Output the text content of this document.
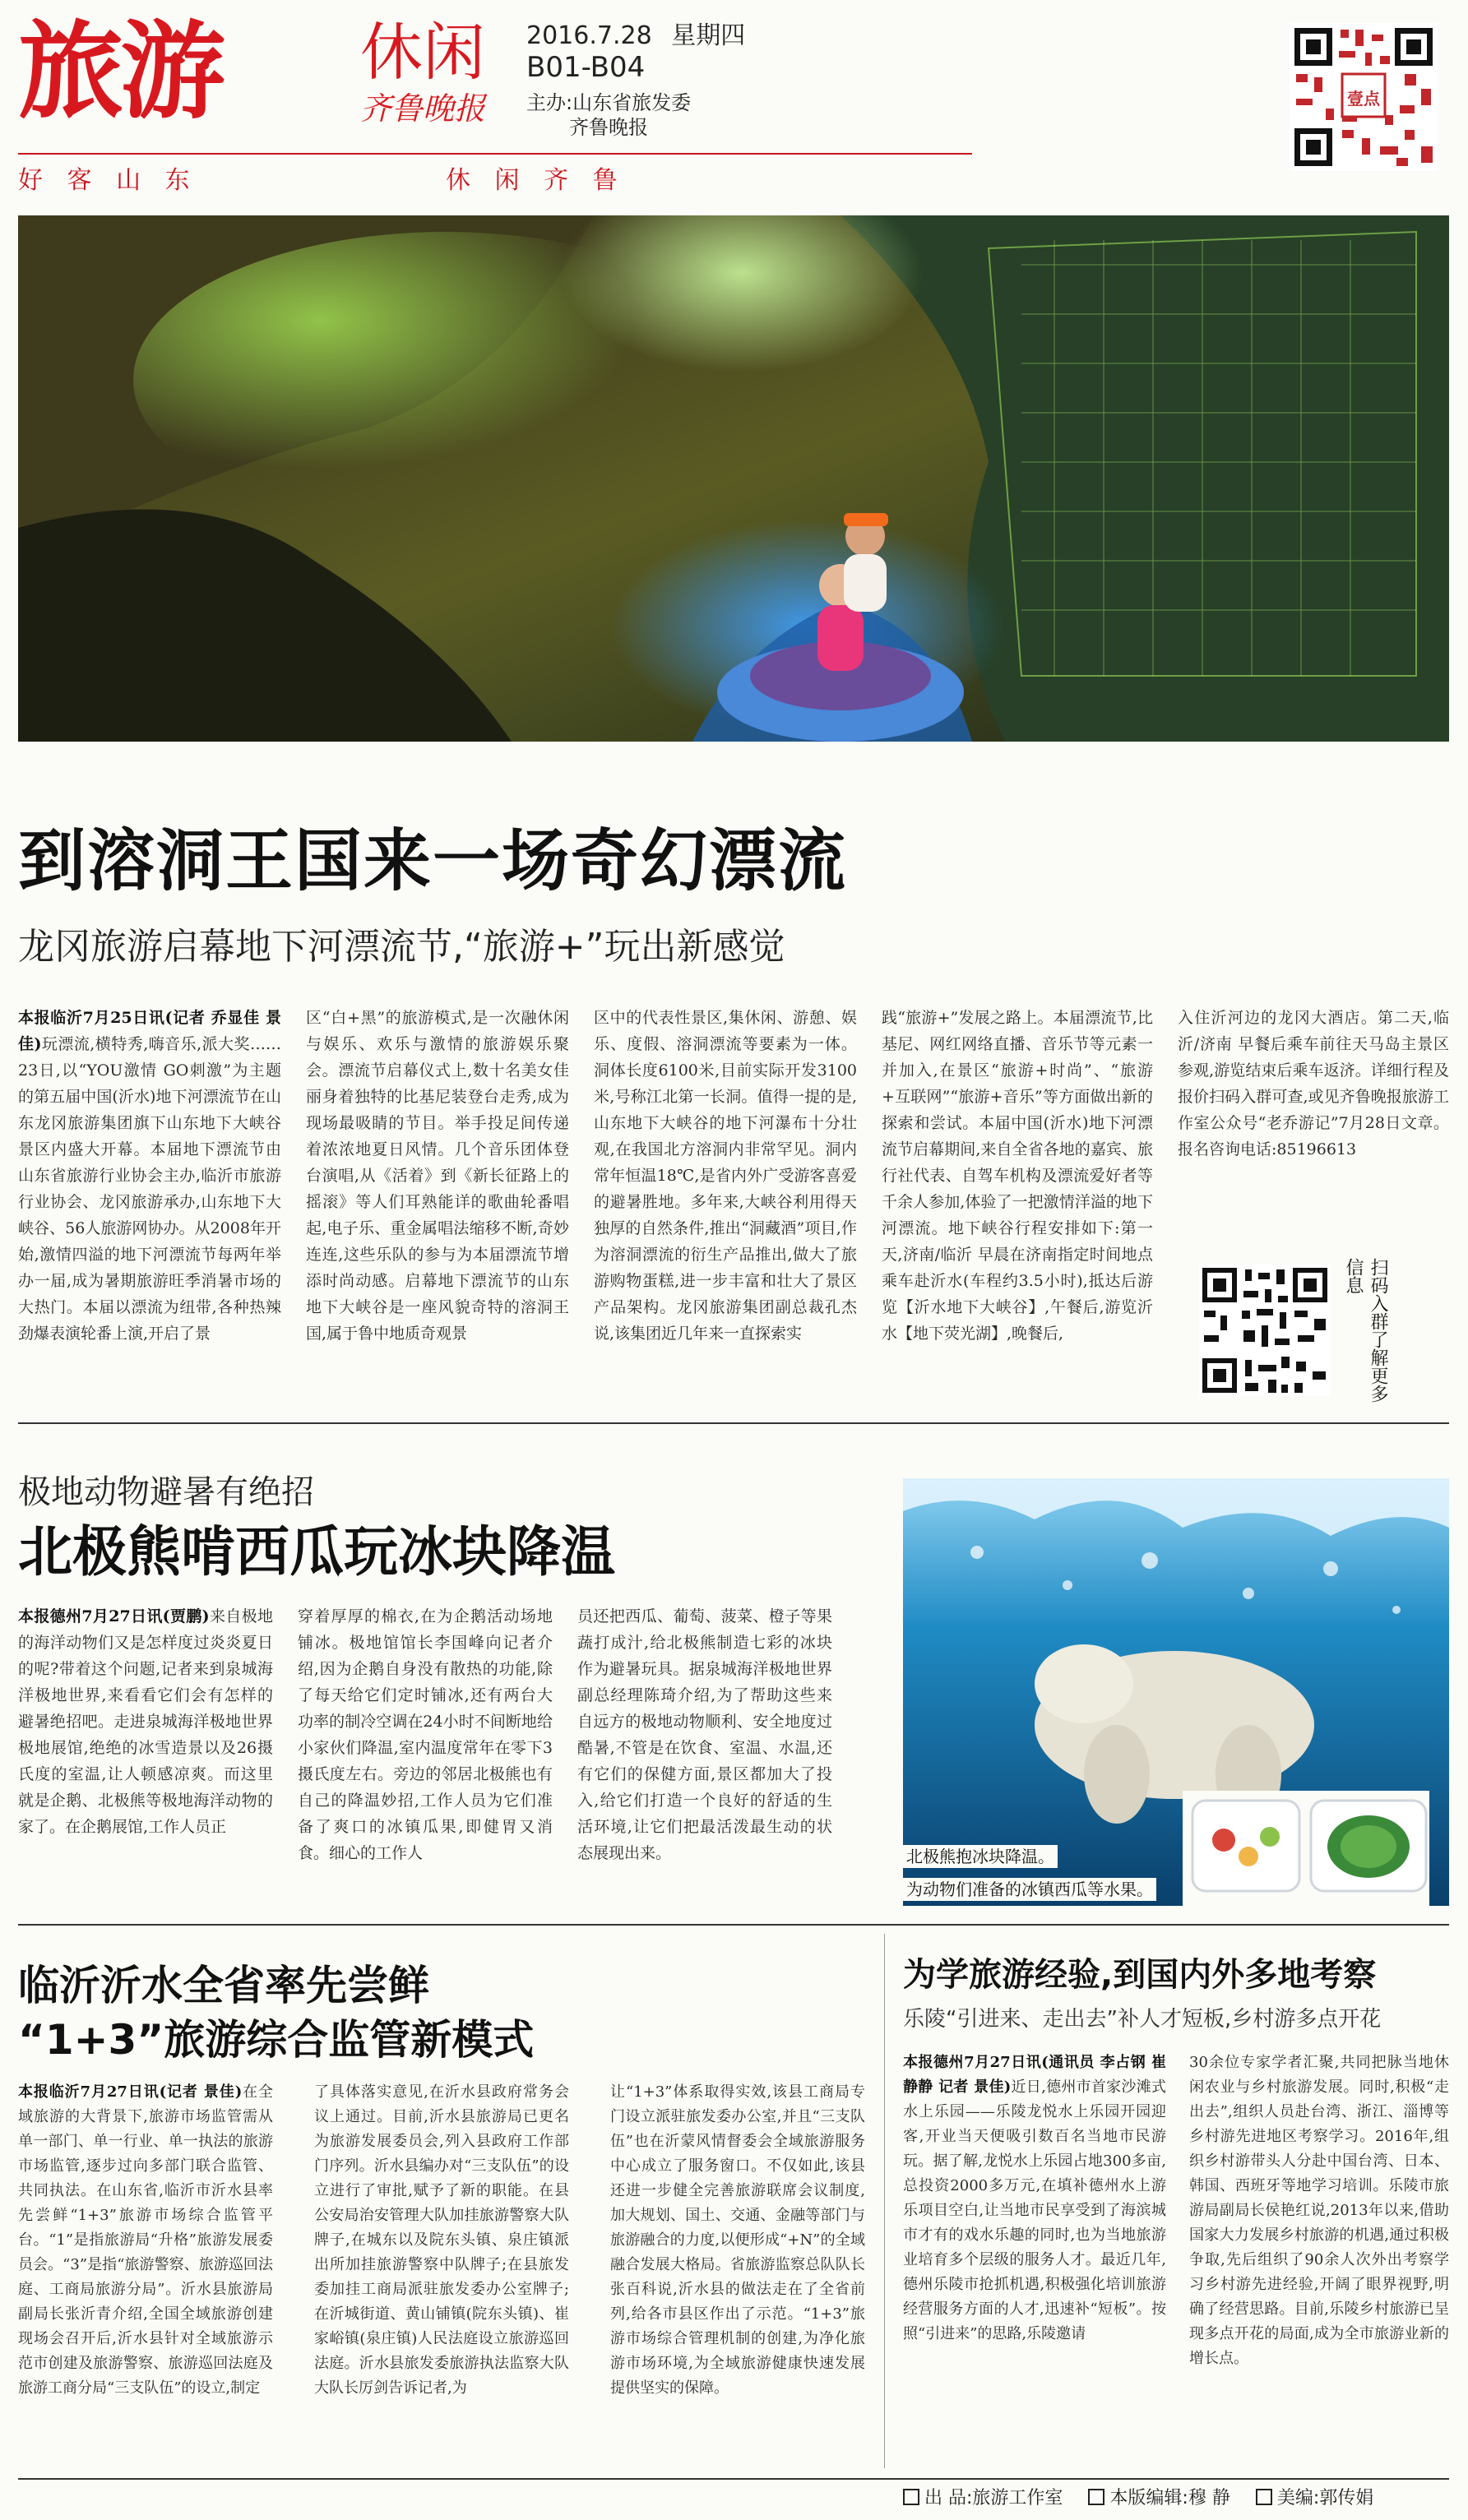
旅游 休闲
齐鲁晚报
2016.7.28 星期四
B01-B04
主办:山东省旅发委
齐鲁晚报
好 客 山 东	休 闲 齐 鲁
壹点
到溶洞王国来一场奇幻漂流
龙冈旅游启幕地下河漂流节,“旅游+”玩出新感觉

本报临沂7月25日讯(记者 乔显佳 景佳)玩漂流,横特秀,嗨音乐,派大奖……23日,以“YOU激情 GO刺激”为主题的第五届中国(沂水)地下河漂流节在山东龙冈旅游集团旗下山东地下大峡谷景区内盛大开幕。本届地下漂流节由山东省旅游行业协会主办,临沂市旅游行业协会、龙冈旅游承办,山东地下大峡谷、56人旅游网协办。从2008年开始,激情四溢的地下河漂流节每两年举办一届,成为暑期旅游旺季消暑市场的大热门。本届以漂流为纽带,各种热辣劲爆表演轮番上演,开启了景

区“白+黑”的旅游模式,是一次融休闲与娱乐、欢乐与激情的旅游娱乐聚会。漂流节启幕仪式上,数十名美女佳丽身着独特的比基尼装登台走秀,成为现场最吸睛的节目。举手投足间传递着浓浓地夏日风情。几个音乐团体登台演唱,从《活着》到《新长征路上的摇滚》等人们耳熟能详的歌曲轮番唱起,电子乐、重金属唱法缩移不断,奇妙连连,这些乐队的参与为本届漂流节增添时尚动感。启幕地下漂流节的山东地下大峡谷是一座风貌奇特的溶洞王国,属于鲁中地质奇观景

区中的代表性景区,集休闲、游憩、娱乐、度假、溶洞漂流等要素为一体。洞体长度6100米,目前实际开发3100米,号称江北第一长洞。值得一提的是,山东地下大峡谷的地下河瀑布十分壮观,在我国北方溶洞内非常罕见。洞内常年恒温18℃,是省内外广受游客喜爱的避暑胜地。多年来,大峡谷利用得天独厚的自然条件,推出“洞藏酒”项目,作为溶洞漂流的衍生产品推出,做大了旅游购物蛋糕,进一步丰富和壮大了景区产品架构。龙冈旅游集团副总裁孔杰说,该集团近几年来一直探索实

践“旅游+”发展之路上。本届漂流节,比基尼、网红网络直播、音乐节等元素一并加入,在景区“旅游+时尚”、“旅游+互联网”“旅游+音乐”等方面做出新的探索和尝试。本届中国(沂水)地下河漂流节启幕期间,来自全省各地的嘉宾、旅行社代表、自驾车机构及漂流爱好者等千余人参加,体验了一把激情洋溢的地下河漂流。地下峡谷行程安排如下:第一天,济南/临沂 早晨在济南指定时间地点乘车赴沂水(车程约3.5小时),抵达后游览【沂水地下大峡谷】,午餐后,游览沂水【地下荧光湖】,晚餐后,

入住沂河边的龙冈大酒店。第二天,临沂/济南 早餐后乘车前往天马岛主景区参观,游览结束后乘车返济。详细行程及报价扫码入群可查,或见齐鲁晚报旅游工作室公众号“老乔游记”7月28日文章。报名咨询电话:85196613

扫码入群了解更多信息
极地动物避暑有绝招
北极熊啃西瓜玩冰块降温

本报德州7月27日讯(贾鹏)来自极地的海洋动物们又是怎样度过炎炎夏日的呢?带着这个问题,记者来到泉城海洋极地世界,来看看它们会有怎样的避暑绝招吧。走进泉城海洋极地世界极地展馆,绝绝的冰雪造景以及26摄氏度的室温,让人顿感凉爽。而这里就是企鹅、北极熊等极地海洋动物的家了。在企鹅展馆,工作人员正

穿着厚厚的棉衣,在为企鹅活动场地铺冰。极地馆馆长李国峰向记者介绍,因为企鹅自身没有散热的功能,除了每天给它们定时铺冰,还有两台大功率的制冷空调在24小时不间断地给小家伙们降温,室内温度常年在零下3摄氏度左右。旁边的邻居北极熊也有自己的降温妙招,工作人员为它们准备了爽口的冰镇瓜果,即健胃又消食。细心的工作人

员还把西瓜、葡萄、菠菜、橙子等果蔬打成汁,给北极熊制造七彩的冰块作为避暑玩具。据泉城海洋极地世界副总经理陈琦介绍,为了帮助这些来自远方的极地动物顺利、安全地度过酷暑,不管是在饮食、室温、水温,还有它们的保健方面,景区都加大了投入,给它们打造一个良好的舒适的生活环境,让它们把最活泼最生动的状态展现出来。	北极熊抱冰块降温。
为动物们准备的冰镇西瓜等水果。
临沂沂水全省率先尝鲜
“1+3”旅游综合监管新模式

本报临沂7月27日讯(记者 景佳)在全域旅游的大背景下,旅游市场监管需从单一部门、单一行业、单一执法的旅游市场监管,逐步过向多部门联合监管、共同执法。在山东省,临沂市沂水县率先尝鲜“1+3”旅游市场综合监管平台。“1”是指旅游局“升格”旅游发展委员会。“3”是指“旅游警察、旅游巡回法庭、工商局旅游分局”。沂水县旅游局副局长张沂青介绍,全国全域旅游创建现场会召开后,沂水县针对全域旅游示范市创建及旅游警察、旅游巡回法庭及旅游工商分局“三支队伍”的设立,制定

了具体落实意见,在沂水县政府常务会议上通过。目前,沂水县旅游局已更名为旅游发展委员会,列入县政府工作部门序列。沂水县编办对“三支队伍”的设立进行了审批,赋予了新的职能。在县公安局治安管理大队加挂旅游警察大队牌子,在城东以及院东头镇、泉庄镇派出所加挂旅游警察中队牌子;在县旅发委加挂工商局派驻旅发委办公室牌子;在沂城街道、黄山铺镇(院东头镇)、崔家峪镇(泉庄镇)人民法庭设立旅游巡回法庭。沂水县旅发委旅游执法监察大队大队长厉剑告诉记者,为

让“1+3”体系取得实效,该县工商局专门设立派驻旅发委办公室,并且“三支队伍”也在沂蒙风情督委会全域旅游服务中心成立了服务窗口。不仅如此,该县还进一步健全完善旅游联席会议制度,加大规划、国土、交通、金融等部门与旅游融合的力度,以便形成“+N”的全域融合发展大格局。省旅游监察总队队长张百科说,沂水县的做法走在了全省前列,给各市县区作出了示范。“1+3”旅游市场综合管理机制的创建,为净化旅游市场环境,为全域旅游健康快速发展提供坚实的保障。

为学旅游经验,到国内外多地考察
乐陵“引进来、走出去”补人才短板,乡村游多点开花

本报德州7月27日讯(通讯员 李占钢 崔静静 记者 景佳)近日,德州市首家沙滩式水上乐园——乐陵龙悦水上乐园开园迎客,开业当天便吸引数百名当地市民游玩。据了解,龙悦水上乐园占地300多亩,总投资2000多万元,在填补德州水上游乐项目空白,让当地市民享受到了海滨城市才有的戏水乐趣的同时,也为当地旅游业培育多个层级的服务人才。最近几年,德州乐陵市抢抓机遇,积极强化培训旅游经营服务方面的人才,迅速补“短板”。按照“引进来”的思路,乐陵邀请

30余位专家学者汇聚,共同把脉当地休闲农业与乡村旅游发展。同时,积极“走出去”,组织人员赴台湾、浙江、淄博等乡村游先进地区考察学习。2016年,组织乡村游带头人分赴中国台湾、日本、韩国、西班牙等地学习培训。乐陵市旅游局副局长侯艳红说,2013年以来,借助国家大力发展乡村旅游的机遇,通过积极争取,先后组织了90余人次外出考察学习乡村游先进经验,开阔了眼界视野,明确了经营思路。目前,乐陵乡村旅游已呈现多点开花的局面,成为全市旅游业新的增长点。

出 品:旅游工作室	本版编辑:穆 静	美编:郭传娟
